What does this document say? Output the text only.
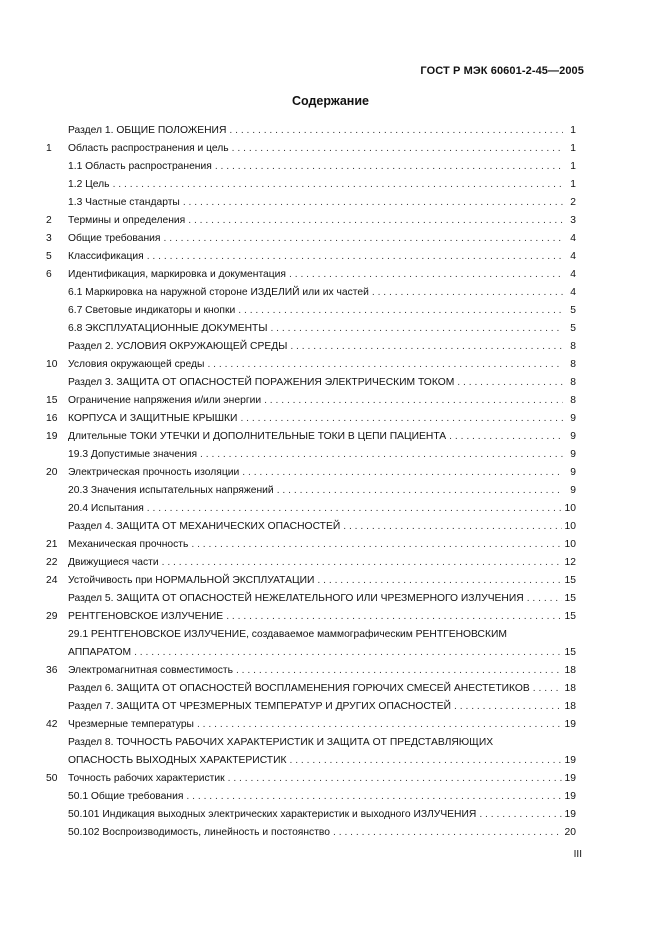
ГОСТ Р МЭК 60601-2-45—2005
Содержание
Раздел 1. ОБЩИЕ ПОЛОЖЕНИЯ . . .	1
1 Область распространения и цель . . .	1
1.1 Область распространения . . .	1
1.2 Цель . . .	1
1.3 Частные стандарты . . .	2
2 Термины и определения . . .	3
3 Общие требования . . .	4
5 Классификация . . .	4
6 Идентификация, маркировка и документация . . .	4
6.1 Маркировка на наружной стороне ИЗДЕЛИЙ или их частей . . .	4
6.7 Световые индикаторы и кнопки . . .	5
6.8 ЭКСПЛУАТАЦИОННЫЕ ДОКУМЕНТЫ . . .	5
Раздел 2. УСЛОВИЯ ОКРУЖАЮЩЕЙ СРЕДЫ . . .	8
10 Условия окружающей среды . . .	8
Раздел 3. ЗАЩИТА ОТ ОПАСНОСТЕЙ ПОРАЖЕНИЯ ЭЛЕКТРИЧЕСКИМ ТОКОМ . . .	8
15 Ограничение напряжения и/или энергии . . .	8
16 КОРПУСА И ЗАЩИТНЫЕ КРЫШКИ . . .	9
19 Длительные ТОКИ УТЕЧКИ И ДОПОЛНИТЕЛЬНЫЕ ТОКИ В ЦЕПИ ПАЦИЕНТА . . .	9
19.3 Допустимые значения . . .	9
20 Электрическая прочность изоляции . . .	9
20.3 Значения испытательных напряжений . . .	9
20.4 Испытания . . .	10
Раздел 4. ЗАЩИТА ОТ МЕХАНИЧЕСКИХ ОПАСНОСТЕЙ . . .	10
21 Механическая прочность . . .	10
22 Движущиеся части . . .	12
24 Устойчивость при НОРМАЛЬНОЙ ЭКСПЛУАТАЦИИ . . .	15
Раздел 5. ЗАЩИТА ОТ ОПАСНОСТЕЙ НЕЖЕЛАТЕЛЬНОГО ИЛИ ЧРЕЗМЕРНОГО ИЗЛУЧЕНИЯ . . .	15
29 РЕНТГЕНОВСКОЕ ИЗЛУЧЕНИЕ . . .	15
29.1 РЕНТГЕНОВСКОЕ ИЗЛУЧЕНИЕ, создаваемое маммографическим РЕНТГЕНОВСКИМ
АППАРАТОМ . . .	15
36 Электромагнитная совместимость . . .	18
Раздел 6. ЗАЩИТА ОТ ОПАСНОСТЕЙ ВОСПЛАМЕНЕНИЯ ГОРЮЧИХ СМЕСЕЙ АНЕСТЕТИКОВ . . .	18
Раздел 7. ЗАЩИТА ОТ ЧРЕЗМЕРНЫХ ТЕМПЕРАТУР И ДРУГИХ ОПАСНОСТЕЙ . . .	18
42 Чрезмерные температуры . . .	19
Раздел 8. ТОЧНОСТЬ РАБОЧИХ ХАРАКТЕРИСТИК И ЗАЩИТА ОТ ПРЕДСТАВЛЯЮЩИХ
ОПАСНОСТЬ ВЫХОДНЫХ ХАРАКТЕРИСТИК . . .	19
50 Точность рабочих характеристик . . .	19
50.1 Общие требования . . .	19
50.101 Индикация выходных электрических характеристик и выходного ИЗЛУЧЕНИЯ . . .	19
50.102 Воспроизводимость, линейность и постоянство . . .	20
III
